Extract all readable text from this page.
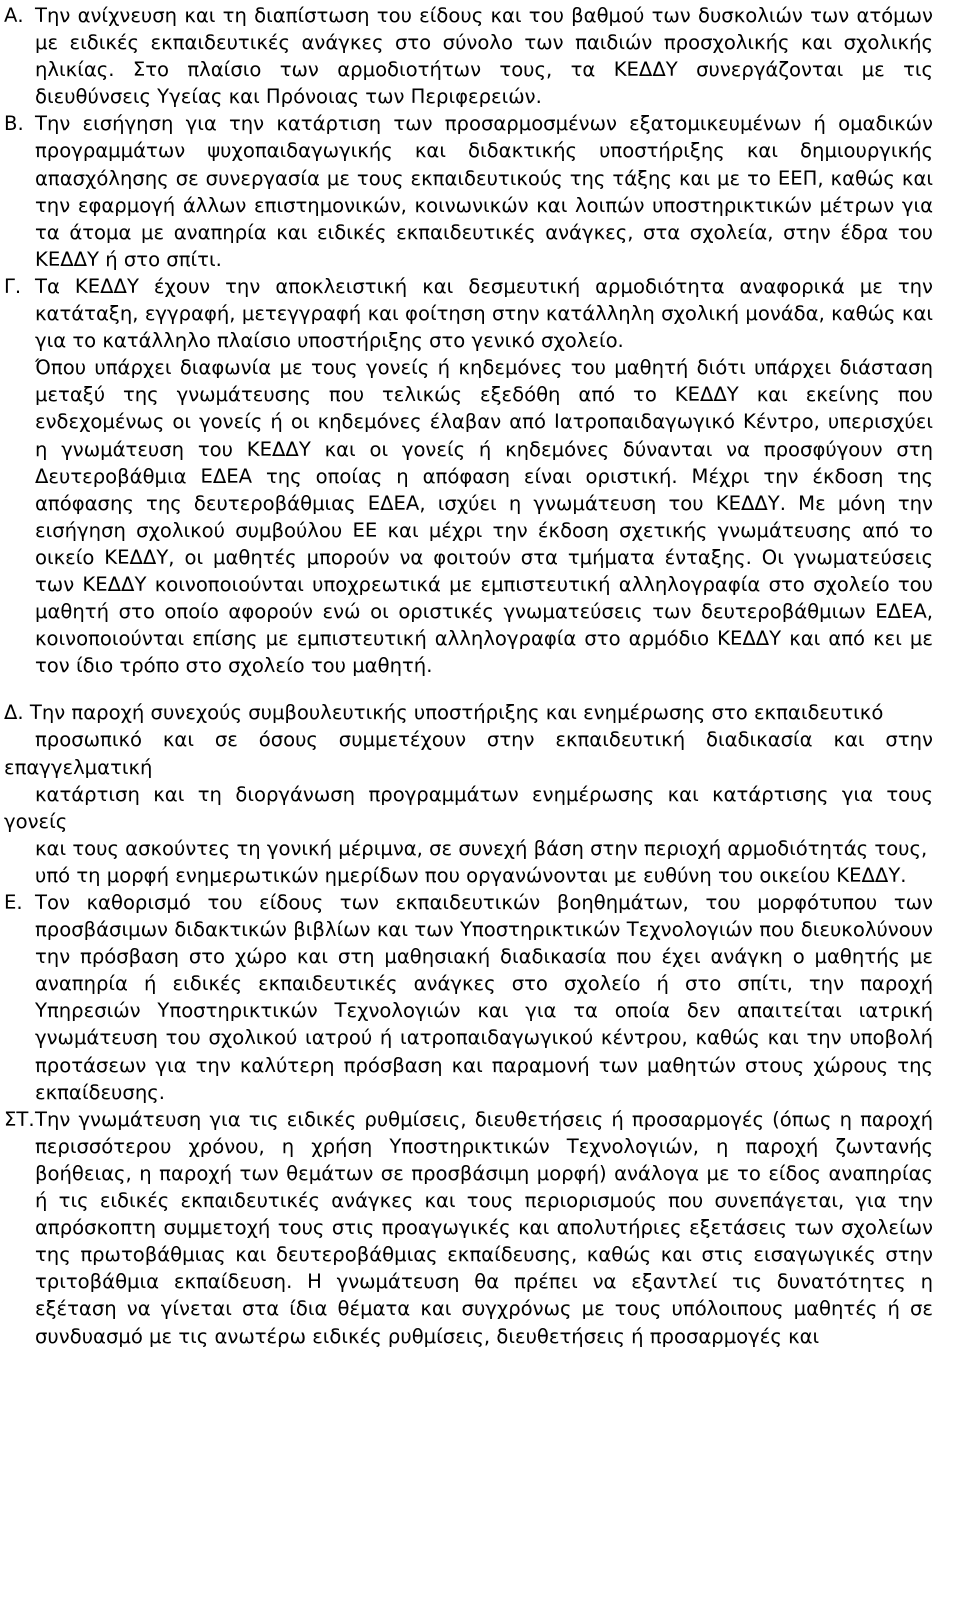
Α. Την ανίχνευση και τη διαπίστωση του είδους και του βαθμού των δυσκολιών των ατόμων με ειδικές εκπαιδευτικές ανάγκες στο σύνολο των παιδιών προσχολικής και σχολικής ηλικίας. Στο πλαίσιο των αρμοδιοτήτων τους, τα ΚΕΔΔΥ συνεργάζονται με τις διευθύνσεις Υγείας και Πρόνοιας των Περιφερειών.

Β. Την εισήγηση για την κατάρτιση των προσαρμοσμένων εξατομικευμένων ή ομαδικών προγραμμάτων ψυχοπαιδαγωγικής και διδακτικής υποστήριξης και δημιουργικής απασχόλησης σε συνεργασία με τους εκπαιδευτικούς της τάξης και με το ΕΕΠ, καθώς και την εφαρμογή άλλων επιστημονικών, κοινωνικών και λοιπών υποστηρικτικών μέτρων για τα άτομα με αναπηρία και ειδικές εκπαιδευτικές ανάγκες, στα σχολεία, στην έδρα του ΚΕΔΔΥ ή στο σπίτι.

Γ. Τα ΚΕΔΔΥ έχουν την αποκλειστική και δεσμευτική αρμοδιότητα αναφορικά με την κατάταξη, εγγραφή, μετεγγραφή και φοίτηση στην κατάλληλη σχολική μονάδα, καθώς και για το κατάλληλο πλαίσιο υποστήριξης στο γενικό σχολείο.

Όπου υπάρχει διαφωνία με τους γονείς ή κηδεμόνες του μαθητή διότι υπάρχει διάσταση μεταξύ της γνωμάτευσης που τελικώς εξεδόθη από το ΚΕΔΔΥ και εκείνης που ενδεχομένως οι γονείς ή οι κηδεμόνες έλαβαν από Ιατροπαιδαγωγικό Κέντρο, υπερισχύει η γνωμάτευση του ΚΕΔΔΥ και οι γονείς ή κηδεμόνες δύνανται να προσφύγουν στη Δευτεροβάθμια ΕΔΕΑ της οποίας η απόφαση είναι οριστική. Μέχρι την έκδοση της απόφασης της δευτεροβάθμιας ΕΔΕΑ, ισχύει η γνωμάτευση του ΚΕΔΔΥ. Με μόνη την εισήγηση σχολικού συμβούλου ΕΕ και μέχρι την έκδοση σχετικής γνωμάτευσης από το οικείο ΚΕΔΔΥ, οι μαθητές μπορούν να φοιτούν στα τμήματα ένταξης. Οι γνωματεύσεις των ΚΕΔΔΥ κοινοποιούνται υποχρεωτικά με εμπιστευτική αλληλογραφία στο σχολείο του μαθητή στο οποίο αφορούν ενώ οι οριστικές γνωματεύσεις των δευτεροβάθμιων ΕΔΕΑ, κοινοποιούνται επίσης με εμπιστευτική αλληλογραφία στο αρμόδιο ΚΕΔΔΥ και από κει με τον ίδιο τρόπο στο σχολείο του μαθητή.

Δ. Την παροχή συνεχούς συμβουλευτικής υποστήριξης και ενημέρωσης στο εκπαιδευτικό

προσωπικό και σε όσους συμμετέχουν στην εκπαιδευτική διαδικασία και στην επαγγελματική

κατάρτιση και τη διοργάνωση προγραμμάτων ενημέρωσης και κατάρτισης για τους γονείς

και τους ασκούντες τη γονική μέριμνα, σε συνεχή βάση στην περιοχή αρμοδιότητάς τους,

υπό τη μορφή ενημερωτικών ημερίδων που οργανώνονται με ευθύνη του οικείου ΚΕΔΔΥ.

Ε. Τον καθορισμό του είδους των εκπαιδευτικών βοηθημάτων, του μορφότυπου των προσβάσιμων διδακτικών βιβλίων και των Υποστηρικτικών Τεχνολογιών που διευκολύνουν την πρόσβαση στο χώρο και στη μαθησιακή διαδικασία που έχει ανάγκη ο μαθητής με αναπηρία ή ειδικές εκπαιδευτικές ανάγκες στο σχολείο ή στο σπίτι, την παροχή Υπηρεσιών Υποστηρικτικών Τεχνολογιών και για τα οποία δεν απαιτείται ιατρική γνωμάτευση του σχολικού ιατρού ή ιατροπαιδαγωγικού κέντρου, καθώς και την υποβολή προτάσεων για την καλύτερη πρόσβαση και παραμονή των μαθητών στους χώρους της εκπαίδευσης.

ΣΤ. Την γνωμάτευση για τις ειδικές ρυθμίσεις, διευθετήσεις ή προσαρμογές (όπως η παροχή περισσότερου χρόνου, η χρήση Υποστηρικτικών Τεχνολογιών, η παροχή ζωντανής βοήθειας, η παροχή των θεμάτων σε προσβάσιμη μορφή) ανάλογα με το είδος αναπηρίας ή τις ειδικές εκπαιδευτικές ανάγκες και τους περιορισμούς που συνεπάγεται, για την απρόσκοπτη συμμετοχή τους στις προαγωγικές και απολυτήριες εξετάσεις των σχολείων της πρωτοβάθμιας και δευτεροβάθμιας εκπαίδευσης, καθώς και στις εισαγωγικές στην τριτοβάθμια εκπαίδευση. Η γνωμάτευση θα πρέπει να εξαντλεί τις δυνατότητες η εξέταση να γίνεται στα ίδια θέματα και συγχρόνως με τους υπόλοιπους μαθητές ή σε συνδυασμό με τις ανωτέρω ειδικές ρυθμίσεις, διευθετήσεις ή προσαρμογές και
